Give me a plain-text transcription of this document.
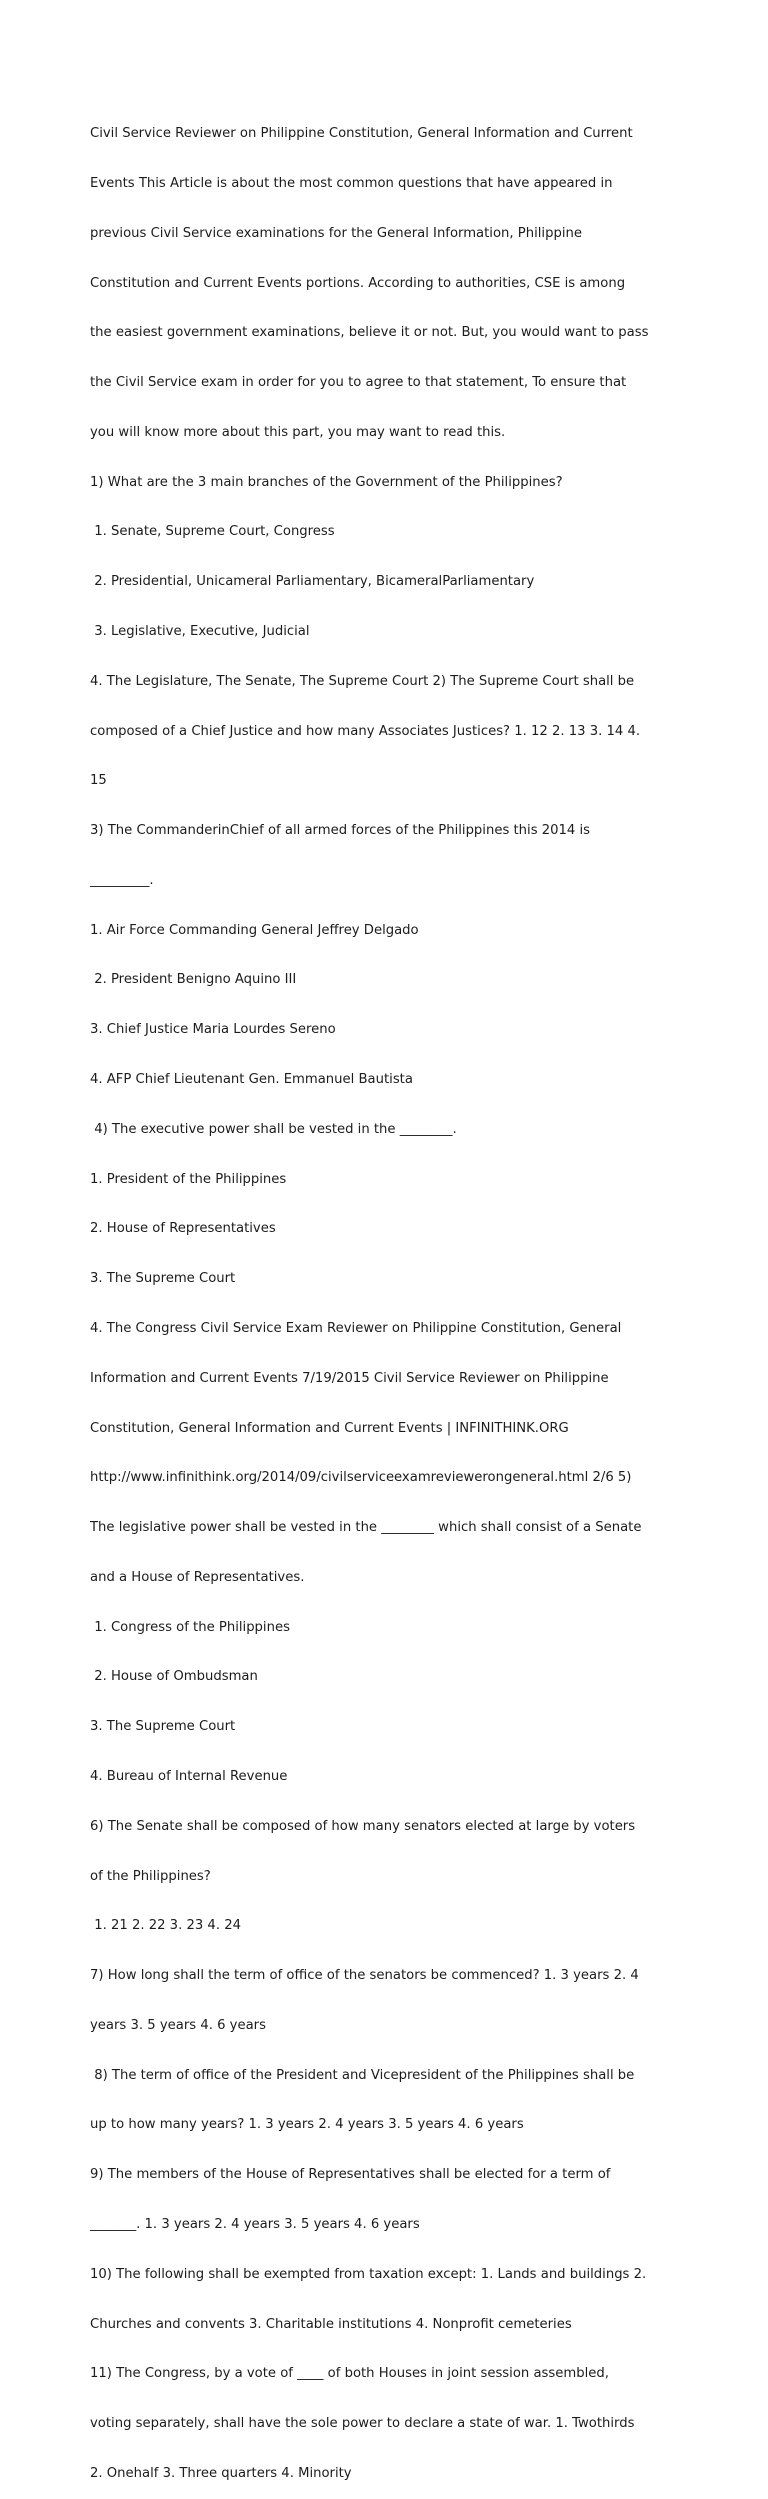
Civil Service Reviewer on Philippine Constitution, General Information and Current

Events This Article is about the most common questions that have appeared in

previous Civil Service examinations for the General Information, Philippine

Constitution and Current Events portions. According to authorities, CSE is among

the easiest government examinations, believe it or not. But, you would want to pass

the Civil Service exam in order for you to agree to that statement, To ensure that

you will know more about this part, you may want to read this.

1) What are the 3 main branches of the Government of the Philippines?

1. Senate, Supreme Court, Congress

2. Presidential, Unicameral Parliamentary, BicameralParliamentary

3. Legislative, Executive, Judicial

4. The Legislature, The Senate, The Supreme Court 2) The Supreme Court shall be

composed of a Chief Justice and how many Associates Justices? 1. 12 2. 13 3. 14 4.

15

3) The CommanderinChief of all armed forces of the Philippines this 2014 is

_________.

1. Air Force Commanding General Jeffrey Delgado

2. President Benigno Aquino III

3. Chief Justice Maria Lourdes Sereno

4. AFP Chief Lieutenant Gen. Emmanuel Bautista

4) The executive power shall be vested in the ________.

1. President of the Philippines

2. House of Representatives

3. The Supreme Court

4. The Congress Civil Service Exam Reviewer on Philippine Constitution, General

Information and Current Events 7/19/2015 Civil Service Reviewer on Philippine

Constitution, General Information and Current Events | INFINITHINK.ORG

http://www.infinithink.org/2014/09/civilserviceexamreviewerongeneral.html 2/6 5)

The legislative power shall be vested in the ________ which shall consist of a Senate

and a House of Representatives.

1. Congress of the Philippines

2. House of Ombudsman

3. The Supreme Court

4. Bureau of Internal Revenue

6) The Senate shall be composed of how many senators elected at large by voters

of the Philippines?

1. 21 2. 22 3. 23 4. 24

7) How long shall the term of office of the senators be commenced? 1. 3 years 2. 4

years 3. 5 years 4. 6 years

8) The term of office of the President and Vicepresident of the Philippines shall be

up to how many years? 1. 3 years 2. 4 years 3. 5 years 4. 6 years

9) The members of the House of Representatives shall be elected for a term of

_______. 1. 3 years 2. 4 years 3. 5 years 4. 6 years

10) The following shall be exempted from taxation except: 1. Lands and buildings 2.

Churches and convents 3. Charitable institutions 4. Nonprofit cemeteries

11) The Congress, by a vote of ____ of both Houses in joint session assembled,

voting separately, shall have the sole power to declare a state of war. 1. Twothirds

2. Onehalf 3. Three quarters 4. Minority
